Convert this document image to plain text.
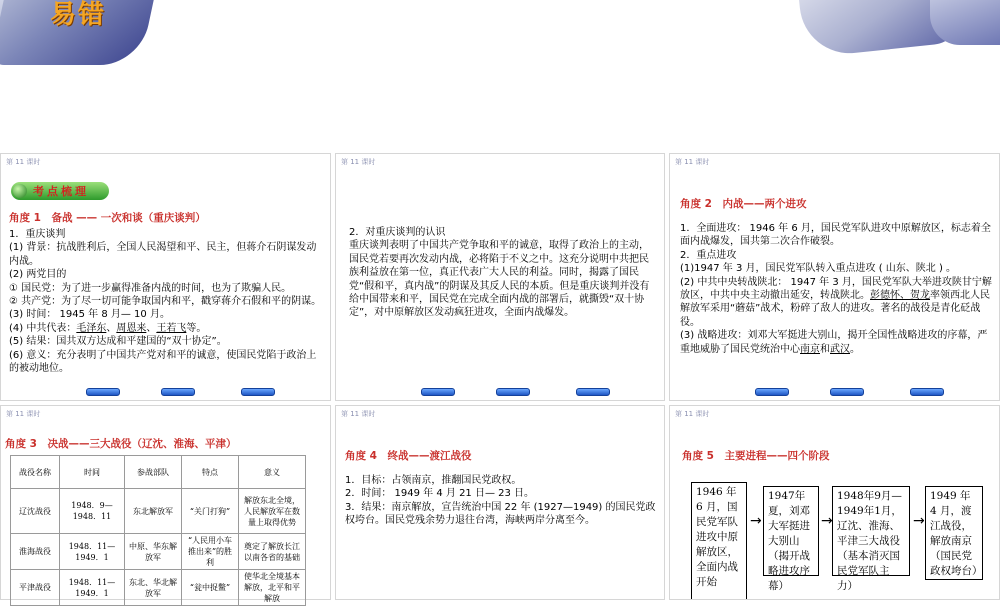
易错
第 11 课时
考点梳理
角度 1　备战 —— 一次和谈（重庆谈判）

1．重庆谈判

(1) 背景：抗战胜利后，全国人民渴望和平、民主，但蒋介石阴谋发动内战。

(2) 两党目的

① 国民党：为了进一步赢得准备内战的时间，也为了欺骗人民。

② 共产党：为了尽一切可能争取国内和平，戳穿蒋介石假和平的阴谋。

(3) 时间： 1945 年 8 月— 10 月。

(4) 中共代表：毛泽东、周恩来、王若飞等。

(5) 结果：国共双方达成和平建国的“双十协定”。

(6) 意义：充分表明了中国共产党对和平的诚意，使国民党陷于政治上的被动地位。

第 11 课时

2．对重庆谈判的认识

重庆谈判表明了中国共产党争取和平的诚意，取得了政治上的主动，国民党若要再次发动内战，必将陷于不义之中。这充分说明中共把民族利益放在第一位，真正代表广大人民的利益。同时，揭露了国民党“假和平，真内战”的阴谋及其反人民的本质。但是重庆谈判并没有给中国带来和平，国民党在完成全面内战的部署后，就撕毁“双十协定”，对中原解放区发动疯狂进攻，全面内战爆发。

第 11 课时
角度 2　内战——两个进攻

1．全面进攻： 1946 年 6 月，国民党军队进攻中原解放区，标志着全面内战爆发，国共第二次合作破裂。

2．重点进攻

(1)1947 年 3 月，国民党军队转入重点进攻 ( 山东、陕北 ) 。

(2) 中共中央转战陕北： 1947 年 3 月，国民党军队大举进攻陕甘宁解放区，中共中央主动撤出延安，转战陕北。彭德怀、贺龙率领西北人民解放军采用“蘑菇”战术，粉碎了敌人的进攻。著名的战役是青化砭战役。

(3) 战略进攻：刘邓大军挺进大别山，揭开全国性战略进攻的序幕，严重地威胁了国民党统治中心南京和武汉。

第 11 课时
角度 3　决战——三大战役（辽沈、淮海、平津）
战役名称	时间	参战部队	特点	意义
辽沈战役	1948．9—1948．11	东北解放军	“关门打狗”	解放东北全境，人民解放军在数量上取得优势
淮海战役	1948．11—1949．1	中原、华东解放军	“人民用小车推出来”的胜利	奠定了解放长江以南各省的基础
平津战役	1948．11—1949．1	东北、华北解放军	“瓮中捉鳖”	使华北全境基本解放，北平和平解放
第 11 课时
角度 4　终战——渡江战役

1．目标：占领南京，推翻国民党政权。

2．时间： 1949 年 4 月 21 日— 23 日。

3．结果：南京解放，宣告统治中国 22 年 (1927—1949) 的国民党政权垮台。国民党残余势力退往台湾，海峡两岸分离至今。

第 11 课时
角度 5　主要进程——四个阶段
1946 年 6 月，国民党军队进攻中原解放区，全面内战开始
→
1947年夏，刘邓大军挺进大别山（揭开战略进攻序幕）
→
1948年9月—1949年1月，辽沈、淮海、平津三大战役（基本消灭国民党军队主力）
→
1949 年 4 月，渡江战役，解放南京（国民党政权垮台）
